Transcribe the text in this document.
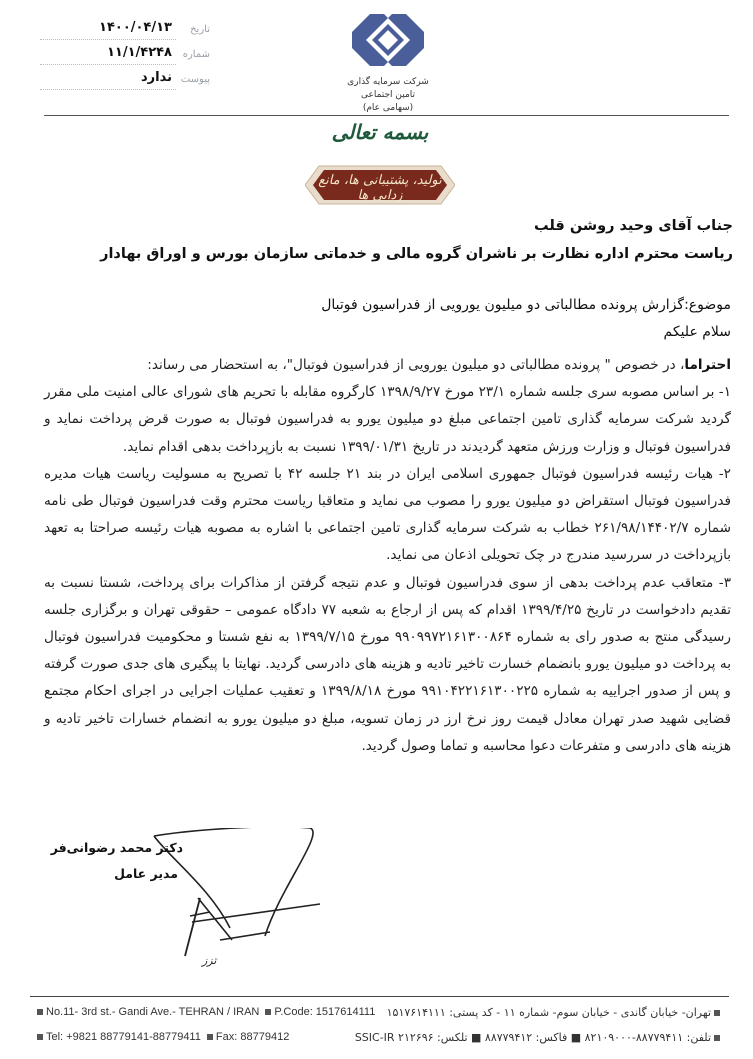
تاریخ
۱۴۰۰/۰۴/۱۳
شماره
۱۱/۱/۴۲۴۸
پیوست
ندارد	شرکت سرمایه گذاری تامین اجتماعی
(سهامی عام)
بسمه تعالی
تولید، پشتیبانی ها، مانع زدایی ها
جناب آقای وحید روشن قلب
ریاست محترم اداره نظارت بر ناشران گروه مالی و خدماتی سازمان بورس و اوراق بهادار
موضوع:گزارش پرونده مطالباتی دو میلیون یورویی از فدراسیون فوتبال
سلام علیکم

احتراما، در خصوص " پرونده مطالباتی دو میلیون یورویی از فدراسیون فوتبال"، به استحضار می رساند:

۱- بر اساس مصوبه سری جلسه شماره ۲۳/۱ مورخ ۱۳۹۸/۹/۲۷ کارگروه مقابله با تحریم های شورای عالی امنیت ملی مقرر گردید شرکت سرمایه گذاری تامین اجتماعی مبلغ دو میلیون یورو به فدراسیون فوتبال به صورت قرض پرداخت نماید و فدراسیون فوتبال و وزارت ورزش متعهد گردیدند در تاریخ ۱۳۹۹/۰۱/۳۱ نسبت به بازپرداخت بدهی اقدام نماید.

۲- هیات رئیسه فدراسیون فوتبال جمهوری اسلامی ایران در بند ۲۱ جلسه ۴۲ با تصریح به مسولیت ریاست هیات مدیره فدراسیون فوتبال استقراض دو میلیون یورو را مصوب می نماید و متعاقبا ریاست محترم وقت فدراسیون فوتبال طی نامه شماره ۲۶۱/۹۸/۱۴۴۰۲/۷ خطاب به شرکت سرمایه گذاری تامین اجتماعی با اشاره به مصوبه هیات رئیسه صراحتا به تعهد بازپرداخت در سررسید مندرج در چک تحویلی اذعان می نماید.

۳- متعاقب عدم پرداخت بدهی از سوی فدراسیون فوتبال و عدم نتیجه گرفتن از مذاکرات برای پرداخت، شستا نسبت به تقدیم دادخواست در تاریخ ۱۳۹۹/۴/۲۵ اقدام که پس از ارجاع به شعبه ۷۷ دادگاه عمومی – حقوقی تهران و برگزاری جلسه رسیدگی منتج به صدور رای به شماره ۹۹۰۹۹۷۲۱۶۱۳۰۰۸۶۴ مورخ ۱۳۹۹/۷/۱۵ به نفع شستا و محکومیت فدراسیون فوتبال به پرداخت دو میلیون یورو بانضمام خسارت تاخیر تادیه و هزینه های دادرسی گردید. نهایتا با پیگیری های جدی صورت گرفته و پس از صدور اجراییه به شماره ۹۹۱۰۴۲۲۱۶۱۳۰۰۲۲۵ مورخ ۱۳۹۹/۸/۱۸ و تعقیب عملیات اجرایی در اجرای احکام مجتمع قضایی شهید صدر تهران معادل قیمت روز نرخ ارز در زمان تسویه، مبلغ دو میلیون یورو به انضمام خسارات تاخیر تادیه و هزینه های دادرسی و متفرعات دعوا محاسبه و تماما وصول گردید.

تزز
دکتر محمد رضوانی‌فر
مدیر عامل
No.11- 3rd st.- Gandi Ave.- TEHRAN / IRAN P.Code: 1517614111
Tel: +9821 88779141-88779411 Fax: 88779412
تهران- خیابان گاندی - خیابان سوم- شماره ۱۱ - کد پستی: ۱۵۱۷۶۱۴۱۱۱
تلفن: ۸۸۷۷۹۴۱۱-۸۲۱۰۹۰۰۰ ■ فاکس: ۸۸۷۷۹۴۱۲ ■ تلکس: SSIC-IR ۲۱۲۶۹۶
